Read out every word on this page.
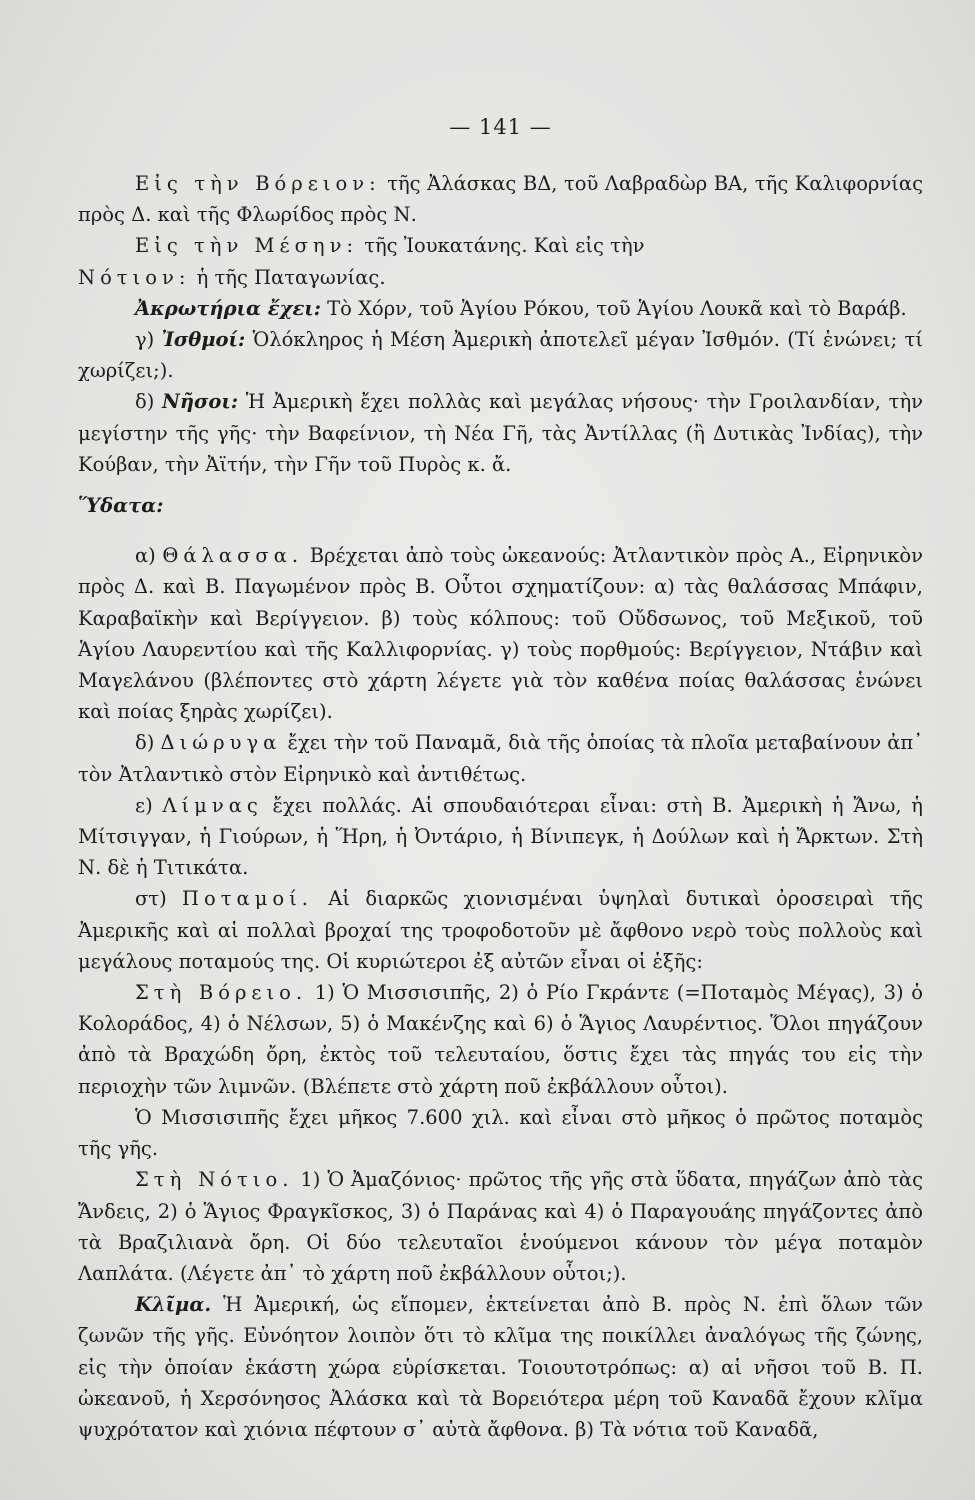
— 141 —

Εἰς τὴν Βόρειον: τῆς Ἀλάσκας ΒΔ, τοῦ Λαβραδὼρ ΒΑ, τῆς Καλιφορνίας πρὸς Δ. καὶ τῆς Φλωρίδος πρὸς Ν.

Εἰς τὴν Μέσην: τῆς Ἰουκατάνης. Καὶ εἰς τὴν

Νότιον: ἡ τῆς Παταγωνίας.

Ἀκρωτήρια ἔχει: Τὸ Χόρν, τοῦ Ἁγίου Ρόκου, τοῦ Ἁγίου Λουκᾶ καὶ τὸ Βαράβ.

γ) Ἰσθμοί: Ὁλόκληρος ἡ Μέση Ἀμερικὴ ἀποτελεῖ μέγαν Ἰσθμόν. (Τί ἑνώνει; τί χωρίζει;).

δ) Νῆσοι: Ἡ Ἀμερικὴ ἔχει πολλὰς καὶ μεγάλας νήσους· τὴν Γροιλανδίαν, τὴν μεγίστην τῆς γῆς· τὴν Βαφείνιον, τὴ Νέα Γῆ, τὰς Ἀντίλλας (ἢ Δυτικὰς Ἰνδίας), τὴν Κούβαν, τὴν Ἀϊτήν, τὴν Γῆν τοῦ Πυρὸς κ. ἄ.

Ὕδατα:

α) Θάλασσα. Βρέχεται ἀπὸ τοὺς ὠκεανούς: Ἀτλαντικὸν πρὸς Α., Εἰρηνικὸν πρὸς Δ. καὶ Β. Παγωμένον πρὸς Β. Οὗτοι σχηματίζουν: α) τὰς θαλάσσας Μπάφιν, Καραβαϊκὴν καὶ Βερίγγειον. β) τοὺς κόλπους: τοῦ Οὔδσωνος, τοῦ Μεξικοῦ, τοῦ Ἁγίου Λαυρεντίου καὶ τῆς Καλλιφορνίας. γ) τοὺς πορθμούς: Βερίγγειον, Ντάβιν καὶ Μαγελάνου (βλέποντες στὸ χάρτη λέγετε γιὰ τὸν καθένα ποίας θαλάσσας ἑνώνει καὶ ποίας ξηρὰς χωρίζει).

δ) Διώρυγα ἔχει τὴν τοῦ Παναμᾶ, διὰ τῆς ὁποίας τὰ πλοῖα μεταβαίνουν ἀπ᾿ τὸν Ἀτλαντικὸ στὸν Εἰρηνικὸ καὶ ἀντιθέτως.

ε) Λίμνας ἔχει πολλάς. Αἱ σπουδαιότεραι εἶναι: στὴ Β. Ἀμερικὴ ἡ Ἄνω, ἡ Μίτσιγγαν, ἡ Γιούρων, ἡ Ἥρη, ἡ Ὀντάριο, ἡ Βίνιπεγκ, ἡ Δούλων καὶ ἡ Ἄρκτων. Στὴ Ν. δὲ ἡ Τιτικάτα.

στ) Ποταμοί. Αἱ διαρκῶς χιονισμέναι ὑψηλαὶ δυτικαὶ ὀροσειραὶ τῆς Ἀμερικῆς καὶ αἱ πολλαὶ βροχαί της τροφοδοτοῦν μὲ ἄφθονο νερὸ τοὺς πολλοὺς καὶ μεγάλους ποταμούς της. Οἱ κυριώτεροι ἐξ αὐτῶν εἶναι οἱ ἑξῆς:

Στὴ Βόρειο. 1) Ὁ Μισσισιπῆς, 2) ὁ Ρίο Γκράντε (=Ποταμὸς Μέγας), 3) ὁ Κολοράδος, 4) ὁ Νέλσων, 5) ὁ Μακένζης καὶ 6) ὁ Ἅγιος Λαυρέντιος. Ὅλοι πηγάζουν ἀπὸ τὰ Βραχώδη ὄρη, ἐκτὸς τοῦ τελευταίου, ὅστις ἔχει τὰς πηγάς του εἰς τὴν περιοχὴν τῶν λιμνῶν. (Βλέπετε στὸ χάρτη ποῦ ἐκβάλλουν οὗτοι).

Ὁ Μισσισιπῆς ἔχει μῆκος 7.600 χιλ. καὶ εἶναι στὸ μῆκος ὁ πρῶτος ποταμὸς τῆς γῆς.

Στὴ Νότιο. 1) Ὁ Ἀμαζόνιος· πρῶτος τῆς γῆς στὰ ὕδατα, πηγάζων ἀπὸ τὰς Ἄνδεις, 2) ὁ Ἅγιος Φραγκῖσκος, 3) ὁ Παράνας καὶ 4) ὁ Παραγουάης πηγάζοντες ἀπὸ τὰ Βραζιλιανὰ ὄρη. Οἱ δύο τελευταῖοι ἑνούμενοι κάνουν τὸν μέγα ποταμὸν Λαπλάτα. (Λέγετε ἀπ᾿ τὸ χάρτη ποῦ ἐκβάλλουν οὗτοι;).

Κλῖμα. Ἡ Ἀμερική, ὡς εἴπομεν, ἐκτείνεται ἀπὸ Β. πρὸς Ν. ἐπὶ ὅλων τῶν ζωνῶν τῆς γῆς. Εὐνόητον λοιπὸν ὅτι τὸ κλῖμα της ποικίλλει ἀναλόγως τῆς ζώνης, εἰς τὴν ὁποίαν ἑκάστη χώρα εὑρίσκεται. Τοιουτοτρόπως: α) αἱ νῆσοι τοῦ Β. Π. ὠκεανοῦ, ἡ Χερσόνησος Ἀλάσκα καὶ τὰ Βορειότερα μέρη τοῦ Καναδᾶ ἔχουν κλῖμα ψυχρότατον καὶ χιόνια πέφτουν σ᾿ αὐτὰ ἄφθονα. β) Τὰ νότια τοῦ Καναδᾶ,
